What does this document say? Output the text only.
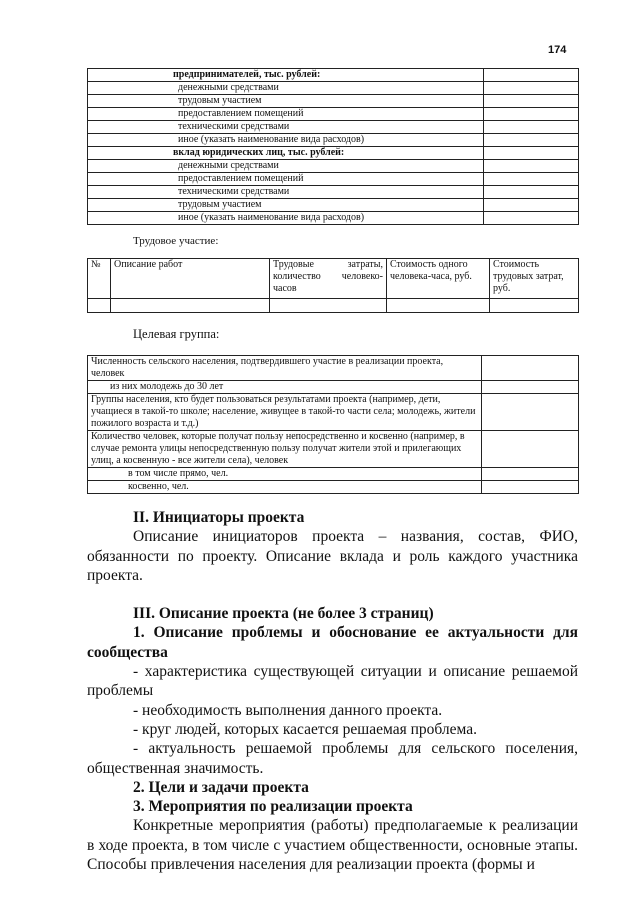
174
предпринимателей, тыс. рублей:	
денежными средствами	
трудовым участием	
предоставлением помещений	
техническими средствами	
иное (указать наименование вида расходов)	
вклад юридических лиц, тыс. рублей:	
денежными средствами	
предоставлением помещений	
техническими средствами	
трудовым участием	
иное (указать наименование вида расходов)	
Трудовое участие:
№	Описание работ	Трудовые затраты, количество человеко-часов	Стоимость одного человека-часа, руб.	Стоимость трудовых затрат, руб.

Целевая группа:
Численность сельского населения, подтвердившего участие в реализации проекта, человек	
из них молодежь до 30 лет	
Группы населения, кто будет пользоваться результатами проекта (например, дети, учащиеся в такой-то школе; население, живущее в такой-то части села; молодежь, жители пожилого возраста и т.д.)	
Количество человек, которые получат пользу непосредственно и косвенно (например, в случае ремонта улицы непосредственную пользу получат жители этой и прилегающих улиц, а косвенную - все жители села), человек	
в том числе прямо, чел.	
косвенно, чел.	

II. Инициаторы проекта

Описание инициаторов проекта – названия, состав, ФИО, обязанности по проекту. Описание вклада и роль каждого участника проекта.

III. Описание проекта (не более 3 страниц)

1. Описание проблемы и обоснование ее актуальности для сообщества

- характеристика существующей ситуации и описание решаемой проблемы

- необходимость выполнения данного проекта.

- круг людей, которых касается решаемая проблема.

- актуальность решаемой проблемы для сельского поселения, общественная значимость.

2. Цели и задачи проекта

3. Мероприятия по реализации проекта

Конкретные мероприятия (работы) предполагаемые к реализации в ходе проекта, в том числе с участием общественности, основные этапы. Способы привлечения населения для реализации проекта (формы и
